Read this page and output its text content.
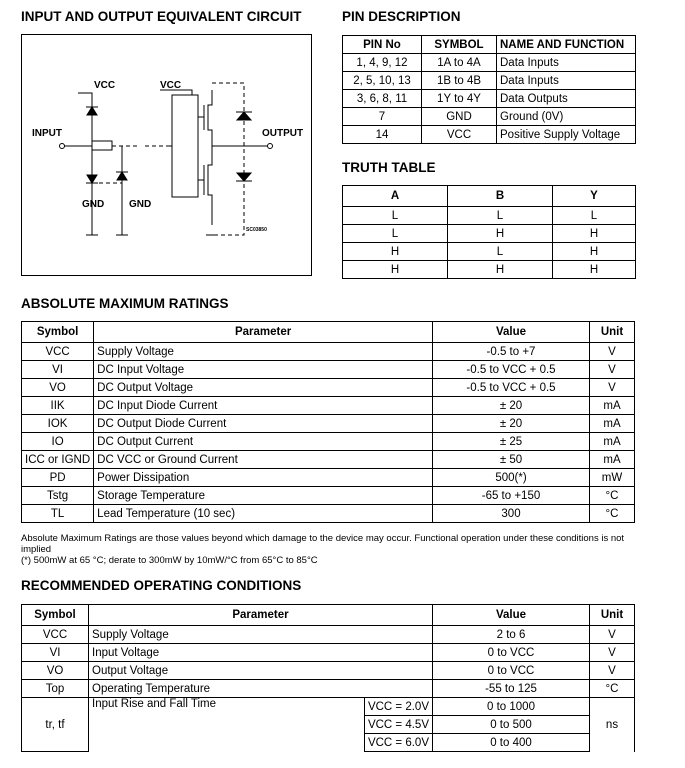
INPUT AND OUTPUT EQUIVALENT CIRCUIT	PIN DESCRIPTION
TRUTH TABLE
ABSOLUTE MAXIMUM RATINGS
RECOMMENDED OPERATING CONDITIONS
VCC	VCC
INPUT	OUTPUT
GND GND
SC03850
PIN No	SYMBOL	NAME AND FUNCTION
1, 4, 9, 12	1A to 4A	Data Inputs
2, 5, 10, 13	1B to 4B	Data Inputs
3, 6, 8, 11	1Y to 4Y	Data Outputs
7	GND	Ground (0V)
14	VCC	Positive Supply Voltage
A	B	Y
L	L	L
L	H	H
H	L	H
H	H	H
Symbol	Parameter	Value	Unit
VCC	Supply Voltage	-0.5 to +7	V
VI	DC Input Voltage	-0.5 to VCC + 0.5	V
VO	DC Output Voltage	-0.5 to VCC + 0.5	V
IIK	DC Input Diode Current	± 20	mA
IOK	DC Output Diode Current	± 20	mA
IO	DC Output Current	± 25	mA
ICC or IGND	DC VCC or Ground Current	± 50	mA
PD	Power Dissipation	500(*)	mW
Tstg	Storage Temperature	-65 to +150	°C
TL	Lead Temperature (10 sec)	300	°C
Absolute Maximum Ratings are those values beyond which damage to the device may occur. Functional operation under these conditions is not implied
(*) 500mW at 65 °C; derate to 300mW by 10mW/°C from 65°C to 85°C
Symbol	Parameter		Value	Unit
VCC	Supply Voltage		2 to 6	V
VI	Input Voltage		0 to VCC	V
VO	Output Voltage		0 to VCC	V
Top	Operating Temperature		-55 to 125	°C
tr, tf	Input Rise and Fall Time	VCC = 2.0V	0 to 1000	ns
		VCC = 4.5V	0 to 500	
		VCC = 6.0V	0 to 400	
